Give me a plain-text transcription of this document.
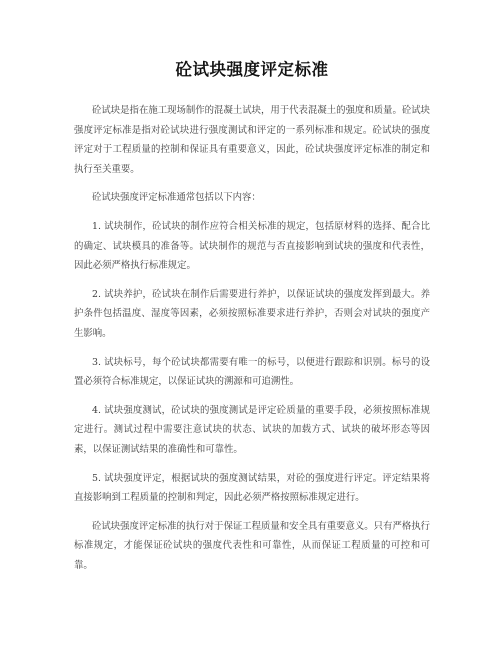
砼试块强度评定标准

砼试块是指在施工现场制作的混凝土试块，用于代表混凝土的强度和质量。砼试块强度评定标准是指对砼试块进行强度测试和评定的一系列标准和规定。砼试块的强度评定对于工程质量的控制和保证具有重要意义，因此，砼试块强度评定标准的制定和执行至关重要。

砼试块强度评定标准通常包括以下内容：

1. 试块制作，砼试块的制作应符合相关标准的规定，包括原材料的选择、配合比的确定、试块模具的准备等。试块制作的规范与否直接影响到试块的强度和代表性，因此必须严格执行标准规定。

2. 试块养护，砼试块在制作后需要进行养护，以保证试块的强度发挥到最大。养护条件包括温度、湿度等因素，必须按照标准要求进行养护，否则会对试块的强度产生影响。

3. 试块标号，每个砼试块都需要有唯一的标号，以便进行跟踪和识别。标号的设置必须符合标准规定，以保证试块的溯源和可追溯性。

4. 试块强度测试，砼试块的强度测试是评定砼质量的重要手段，必须按照标准规定进行。测试过程中需要注意试块的状态、试块的加载方式、试块的破坏形态等因素，以保证测试结果的准确性和可靠性。

5. 试块强度评定，根据试块的强度测试结果，对砼的强度进行评定。评定结果将直接影响到工程质量的控制和判定，因此必须严格按照标准规定进行。

砼试块强度评定标准的执行对于保证工程质量和安全具有重要意义。只有严格执行标准规定，才能保证砼试块的强度代表性和可靠性，从而保证工程质量的可控和可靠。
